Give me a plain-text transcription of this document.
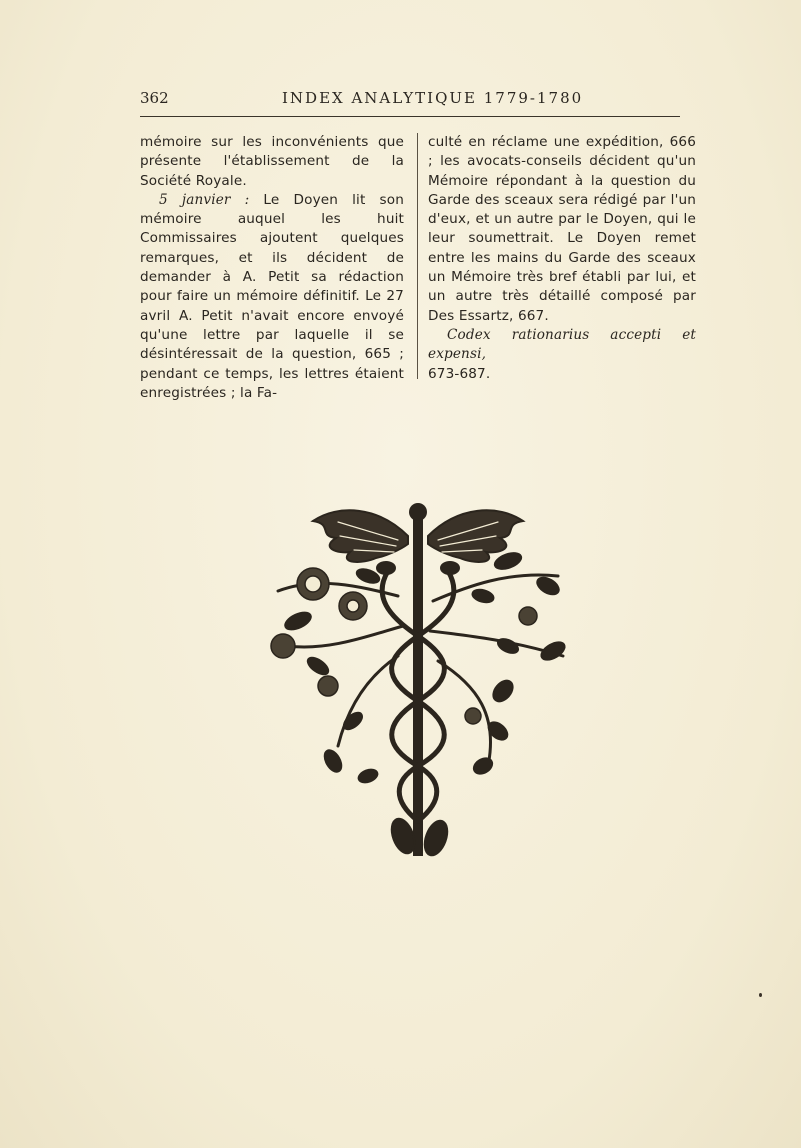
362	INDEX ANALYTIQUE 1779-1780

mémoire sur les inconvénients que présente l'établissement de la Société Royale.

5 janvier : Le Doyen lit son mémoire auquel les huit Commissaires ajoutent quelques remarques, et ils décident de demander à A. Petit sa rédaction pour faire un mémoire définitif. Le 27 avril A. Petit n'avait encore envoyé qu'une lettre par laquelle il se désintéressait de la question, 665 ; pendant ce temps, les lettres étaient enregistrées ; la Fa-

culté en réclame une expédition, 666 ; les avocats-conseils décident qu'un Mémoire répondant à la question du Garde des sceaux sera rédigé par l'un d'eux, et un autre par le Doyen, qui le leur soumettrait. Le Doyen remet entre les mains du Garde des sceaux un Mémoire très bref établi par lui, et un autre très détaillé composé par Des Essartz, 667.

Codex rationarius accepti et expensi,
673-687.
